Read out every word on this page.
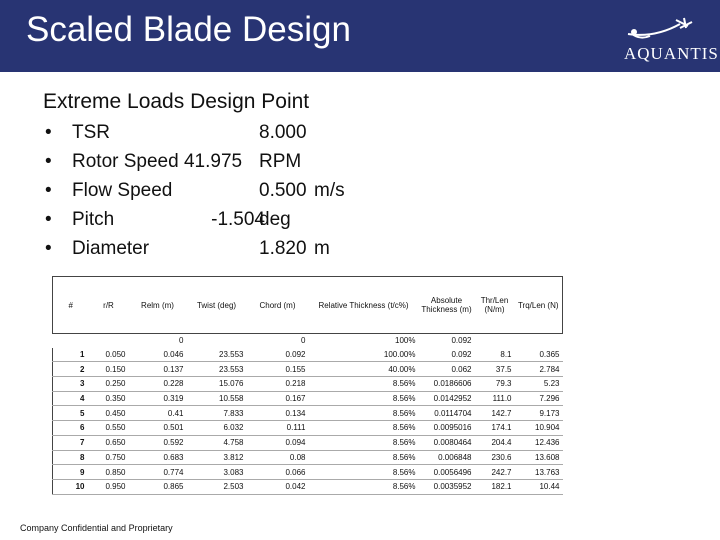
Scaled Blade Design
AQUANTIS
Extreme Loads Design Point
• TSR	8.000
• Rotor Speed 41.975 RPM
• Flow Speed	0.500 m/s
• Pitch	-1.504
deg
• Diameter	1.820 m
#	r/R	Relm (m)	Twist (deg)	Chord (m)	Relative Thickness (t/c%)	Absolute Thickness (m)	Thr/Len (N/m)	Trq/Len (N)
		0		0	100%	0.092		
1	0.050	0.046	23.553	0.092	100.00%	0.092	8.1	0.365
2	0.150	0.137	23.553	0.155	40.00%	0.062	37.5	2.784
3	0.250	0.228	15.076	0.218	8.56%	0.0186606	79.3	5.23
4	0.350	0.319	10.558	0.167	8.56%	0.0142952	111.0	7.296
5	0.450	0.41	7.833	0.134	8.56%	0.0114704	142.7	9.173
6	0.550	0.501	6.032	0.111	8.56%	0.0095016	174.1	10.904
7	0.650	0.592	4.758	0.094	8.56%	0.0080464	204.4	12.436
8	0.750	0.683	3.812	0.08	8.56%	0.006848	230.6	13.608
9	0.850	0.774	3.083	0.066	8.56%	0.0056496	242.7	13.763
10	0.950	0.865	2.503	0.042	8.56%	0.0035952	182.1	10.44
Company Confidential and Proprietary
